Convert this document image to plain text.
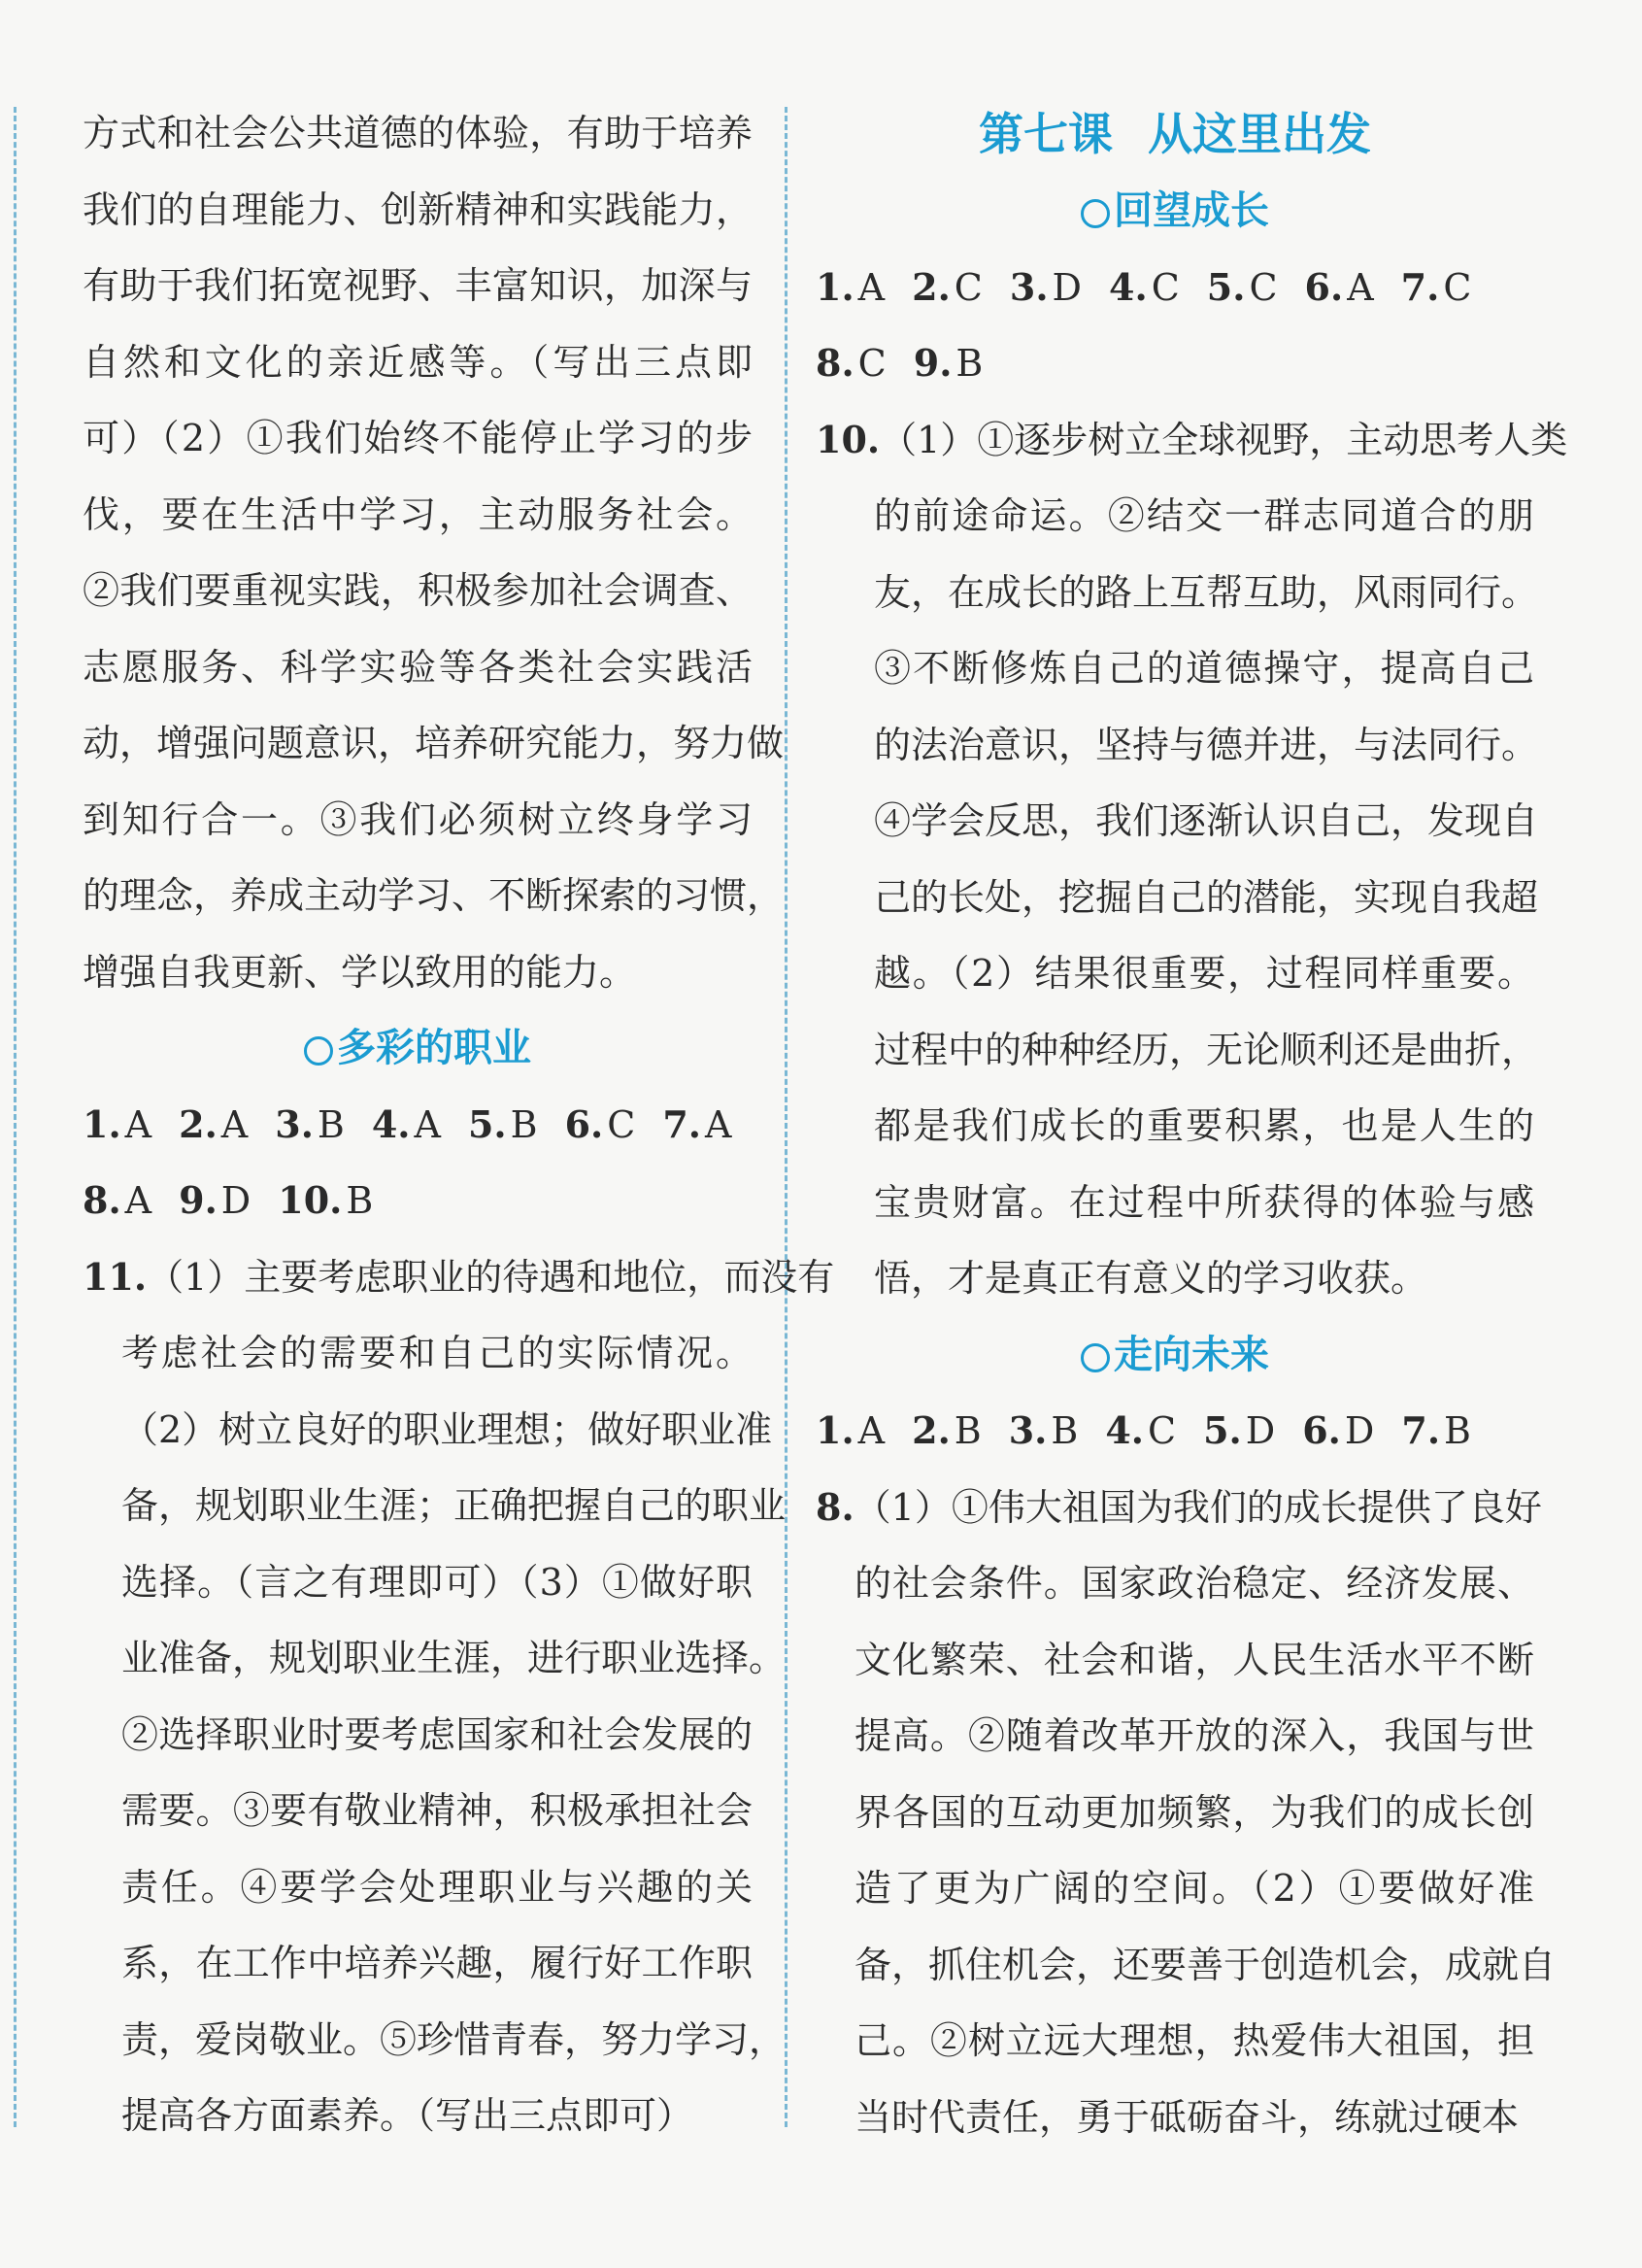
方式和社会公共道德的体验，有助于培养
我们的自理能力、创新精神和实践能力，
有助于我们拓宽视野、丰富知识，加深与
自然和文化的亲近感等。（写出三点即
可）（2）①我们始终不能停止学习的步
伐，要在生活中学习，主动服务社会。
②我们要重视实践，积极参加社会调查、
志愿服务、科学实验等各类社会实践活
动，增强问题意识，培养研究能力，努力做
到知行合一。③我们必须树立终身学习
的理念，养成主动学习、不断探索的习惯，
增强自我更新、学以致用的能力。
多彩的职业
1. A 2. A 3. B 4. A 5. B 6. C 7. A
8. A 9. D 10. B
11.（1）主要考虑职业的待遇和地位，而没有
考虑社会的需要和自己的实际情况。
（2）树立良好的职业理想；做好职业准
备，规划职业生涯；正确把握自己的职业
选择。（言之有理即可）（3）①做好职
业准备，规划职业生涯，进行职业选择。
②选择职业时要考虑国家和社会发展的
需要。③要有敬业精神，积极承担社会
责任。④要学会处理职业与兴趣的关
系，在工作中培养兴趣，履行好工作职
责，爱岗敬业。⑤珍惜青春，努力学习，
提高各方面素养。（写出三点即可）
第七课 从这里出发
回望成长
1. A 2. C 3. D 4. C 5. C 6. A 7. C
8. C 9. B
10.（1）①逐步树立全球视野，主动思考人类
的前途命运。②结交一群志同道合的朋
友，在成长的路上互帮互助，风雨同行。
③不断修炼自己的道德操守，提高自己
的法治意识，坚持与德并进，与法同行。
④学会反思，我们逐渐认识自己，发现自
己的长处，挖掘自己的潜能，实现自我超
越。（2）结果很重要，过程同样重要。
过程中的种种经历，无论顺利还是曲折，
都是我们成长的重要积累，也是人生的
宝贵财富。在过程中所获得的体验与感
悟，才是真正有意义的学习收获。
走向未来
1. A 2. B 3. B 4. C 5. D 6. D 7. B
8.（1）①伟大祖国为我们的成长提供了良好
的社会条件。国家政治稳定、经济发展、
文化繁荣、社会和谐，人民生活水平不断
提高。②随着改革开放的深入，我国与世
界各国的互动更加频繁，为我们的成长创
造了更为广阔的空间。（2）①要做好准
备，抓住机会，还要善于创造机会，成就自
己。②树立远大理想，热爱伟大祖国，担
当时代责任，勇于砥砺奋斗，练就过硬本
